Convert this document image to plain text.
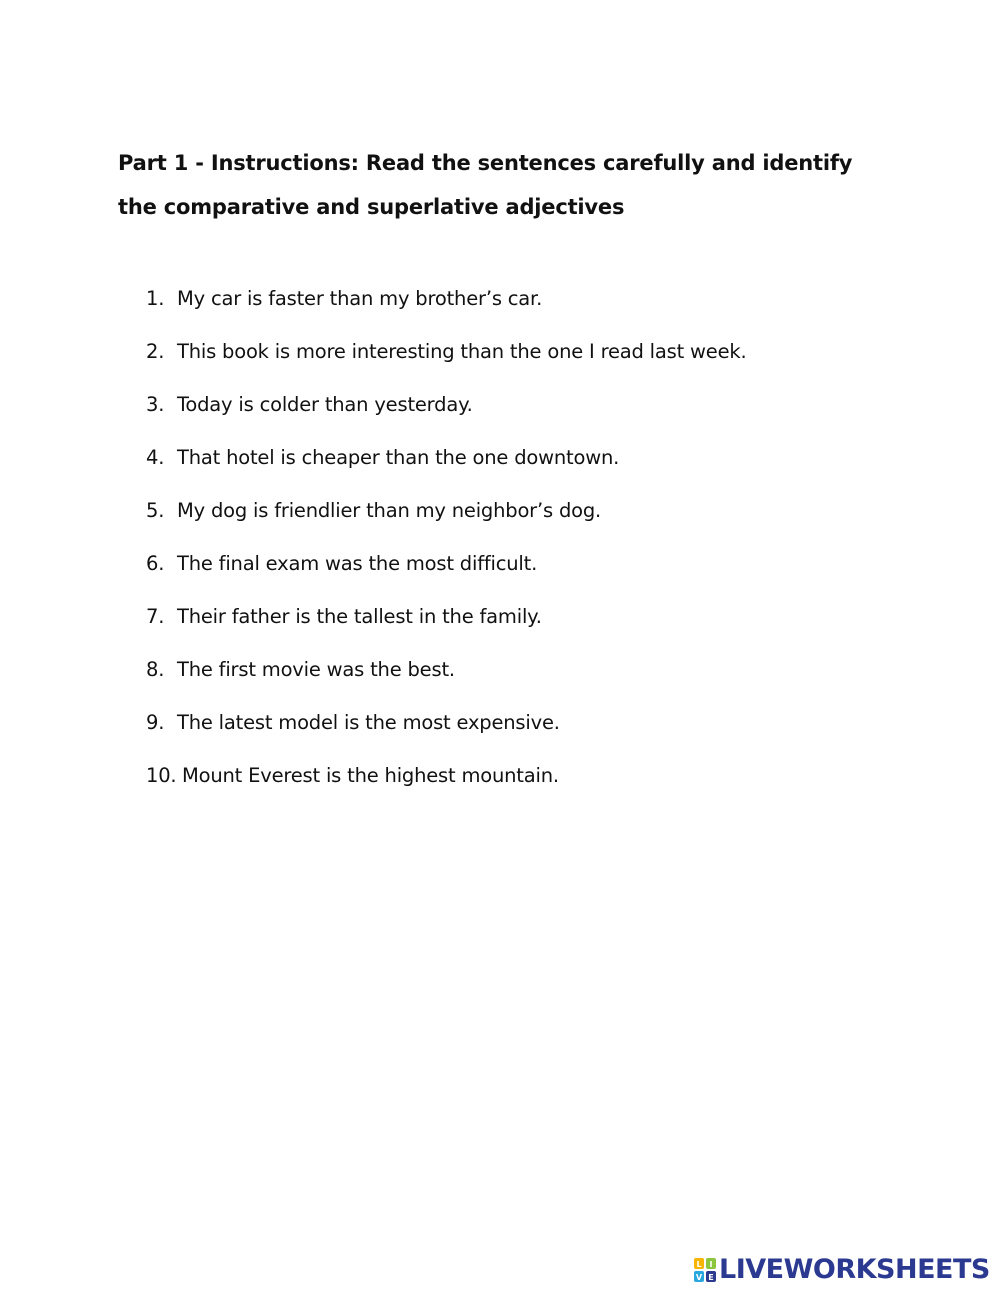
Part 1 - Instructions: Read the sentences carefully and identify
the comparative and superlative adjectives
1. My car is faster than my brother’s car.
2. This book is more interesting than the one I read last week.
3. Today is colder than yesterday.
4. That hotel is cheaper than the one downtown.
5. My dog is friendlier than my neighbor’s dog.
6. The final exam was the most difficult.
7. Their father is the tallest in the family.
8. The first movie was the best.
9. The latest model is the most expensive.
10. Mount Everest is the highest mountain.
L I
V E LIVEWORKSHEETS
